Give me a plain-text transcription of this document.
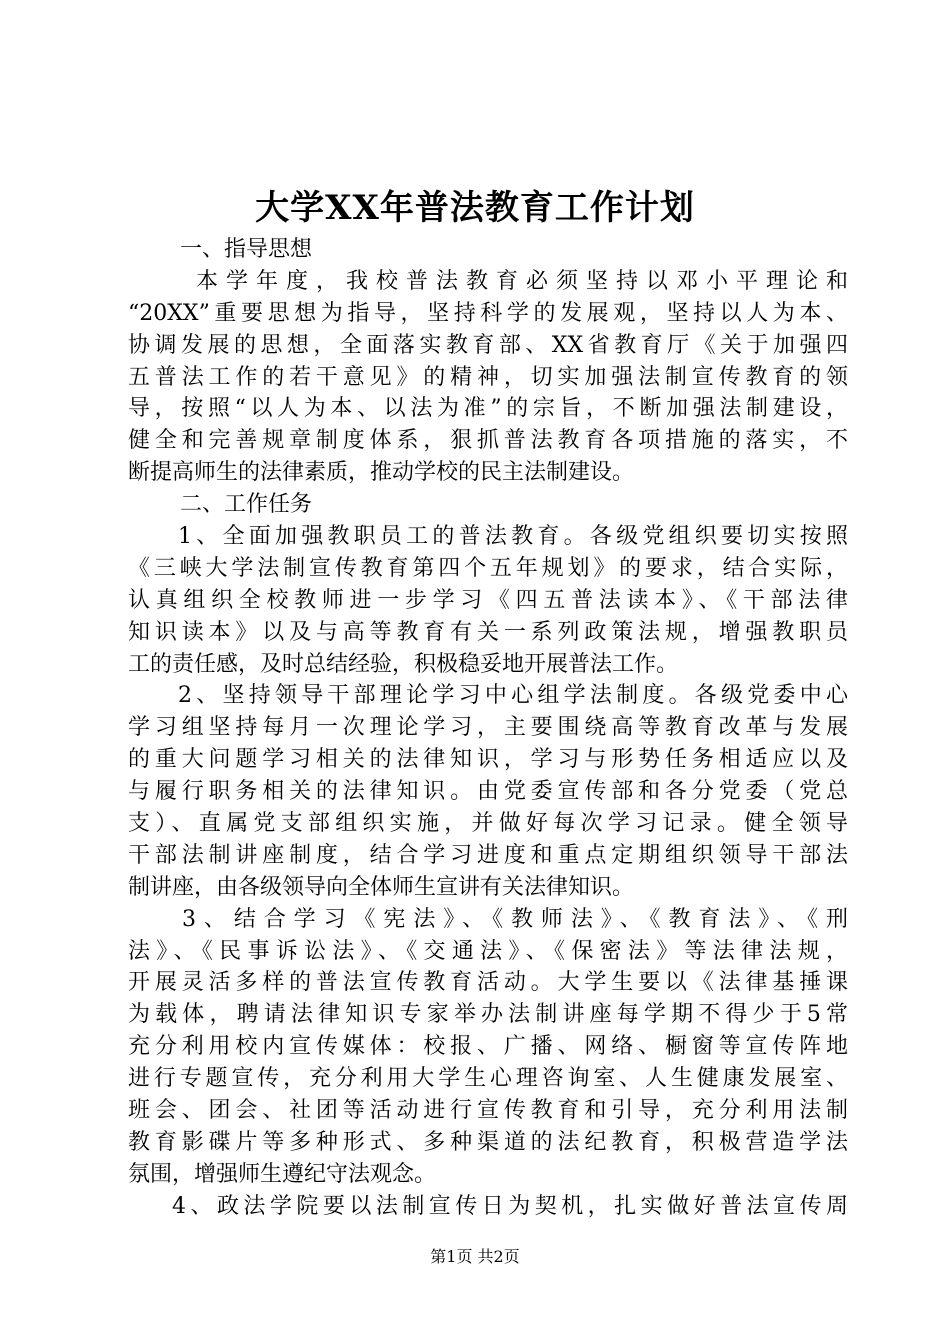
大学XX年普法教育工作计划
一、指导思想
本学年度，我校普法教育必须坚持以邓小平理论和
“20XX”重要思想为指导，坚持科学的发展观，坚持以人为本、
协调发展的思想，全面落实教育部、XX省教育厅《关于加强四
五普法工作的若干意见》的精神，切实加强法制宣传教育的领
导，按照“以人为本、以法为准”的宗旨，不断加强法制建设，
健全和完善规章制度体系，狠抓普法教育各项措施的落实，不
断提高师生的法律素质，推动学校的民主法制建设。
二、工作任务
1、全面加强教职员工的普法教育。各级党组织要切实按照
《三峡大学法制宣传教育第四个五年规划》的要求，结合实际，
认真组织全校教师进一步学习《四五普法读本》、《干部法律
知识读本》以及与高等教育有关一系列政策法规，增强教职员
工的责任感，及时总结经验，积极稳妥地开展普法工作。
2、坚持领导干部理论学习中心组学法制度。各级党委中心
学习组坚持每月一次理论学习，主要围绕高等教育改革与发展
的重大问题学习相关的法律知识，学习与形势任务相适应以及
与履行职务相关的法律知识。由党委宣传部和各分党委（党总
支）、直属党支部组织实施，并做好每次学习记录。健全领导
干部法制讲座制度，结合学习进度和重点定期组织领导干部法
制讲座，由各级领导向全体师生宣讲有关法律知识。
3、结合学习《宪法》、《教师法》、《教育法》、《刑
法》、《民事诉讼法》、《交通法》、《保密法》等法律法规，
开展灵活多样的普法宣传教育活动。大学生要以《法律基捶课
为载体，聘请法律知识专家举办法制讲座每学期不得少于5常
充分利用校内宣传媒体：校报、广播、网络、橱窗等宣传阵地
进行专题宣传，充分利用大学生心理咨询室、人生健康发展室、
班会、团会、社团等活动进行宣传教育和引导，充分利用法制
教育影碟片等多种形式、多种渠道的法纪教育，积极营造学法
氛围，增强师生遵纪守法观念。
4、政法学院要以法制宣传日为契机，扎实做好普法宣传周
第1页 共2页
